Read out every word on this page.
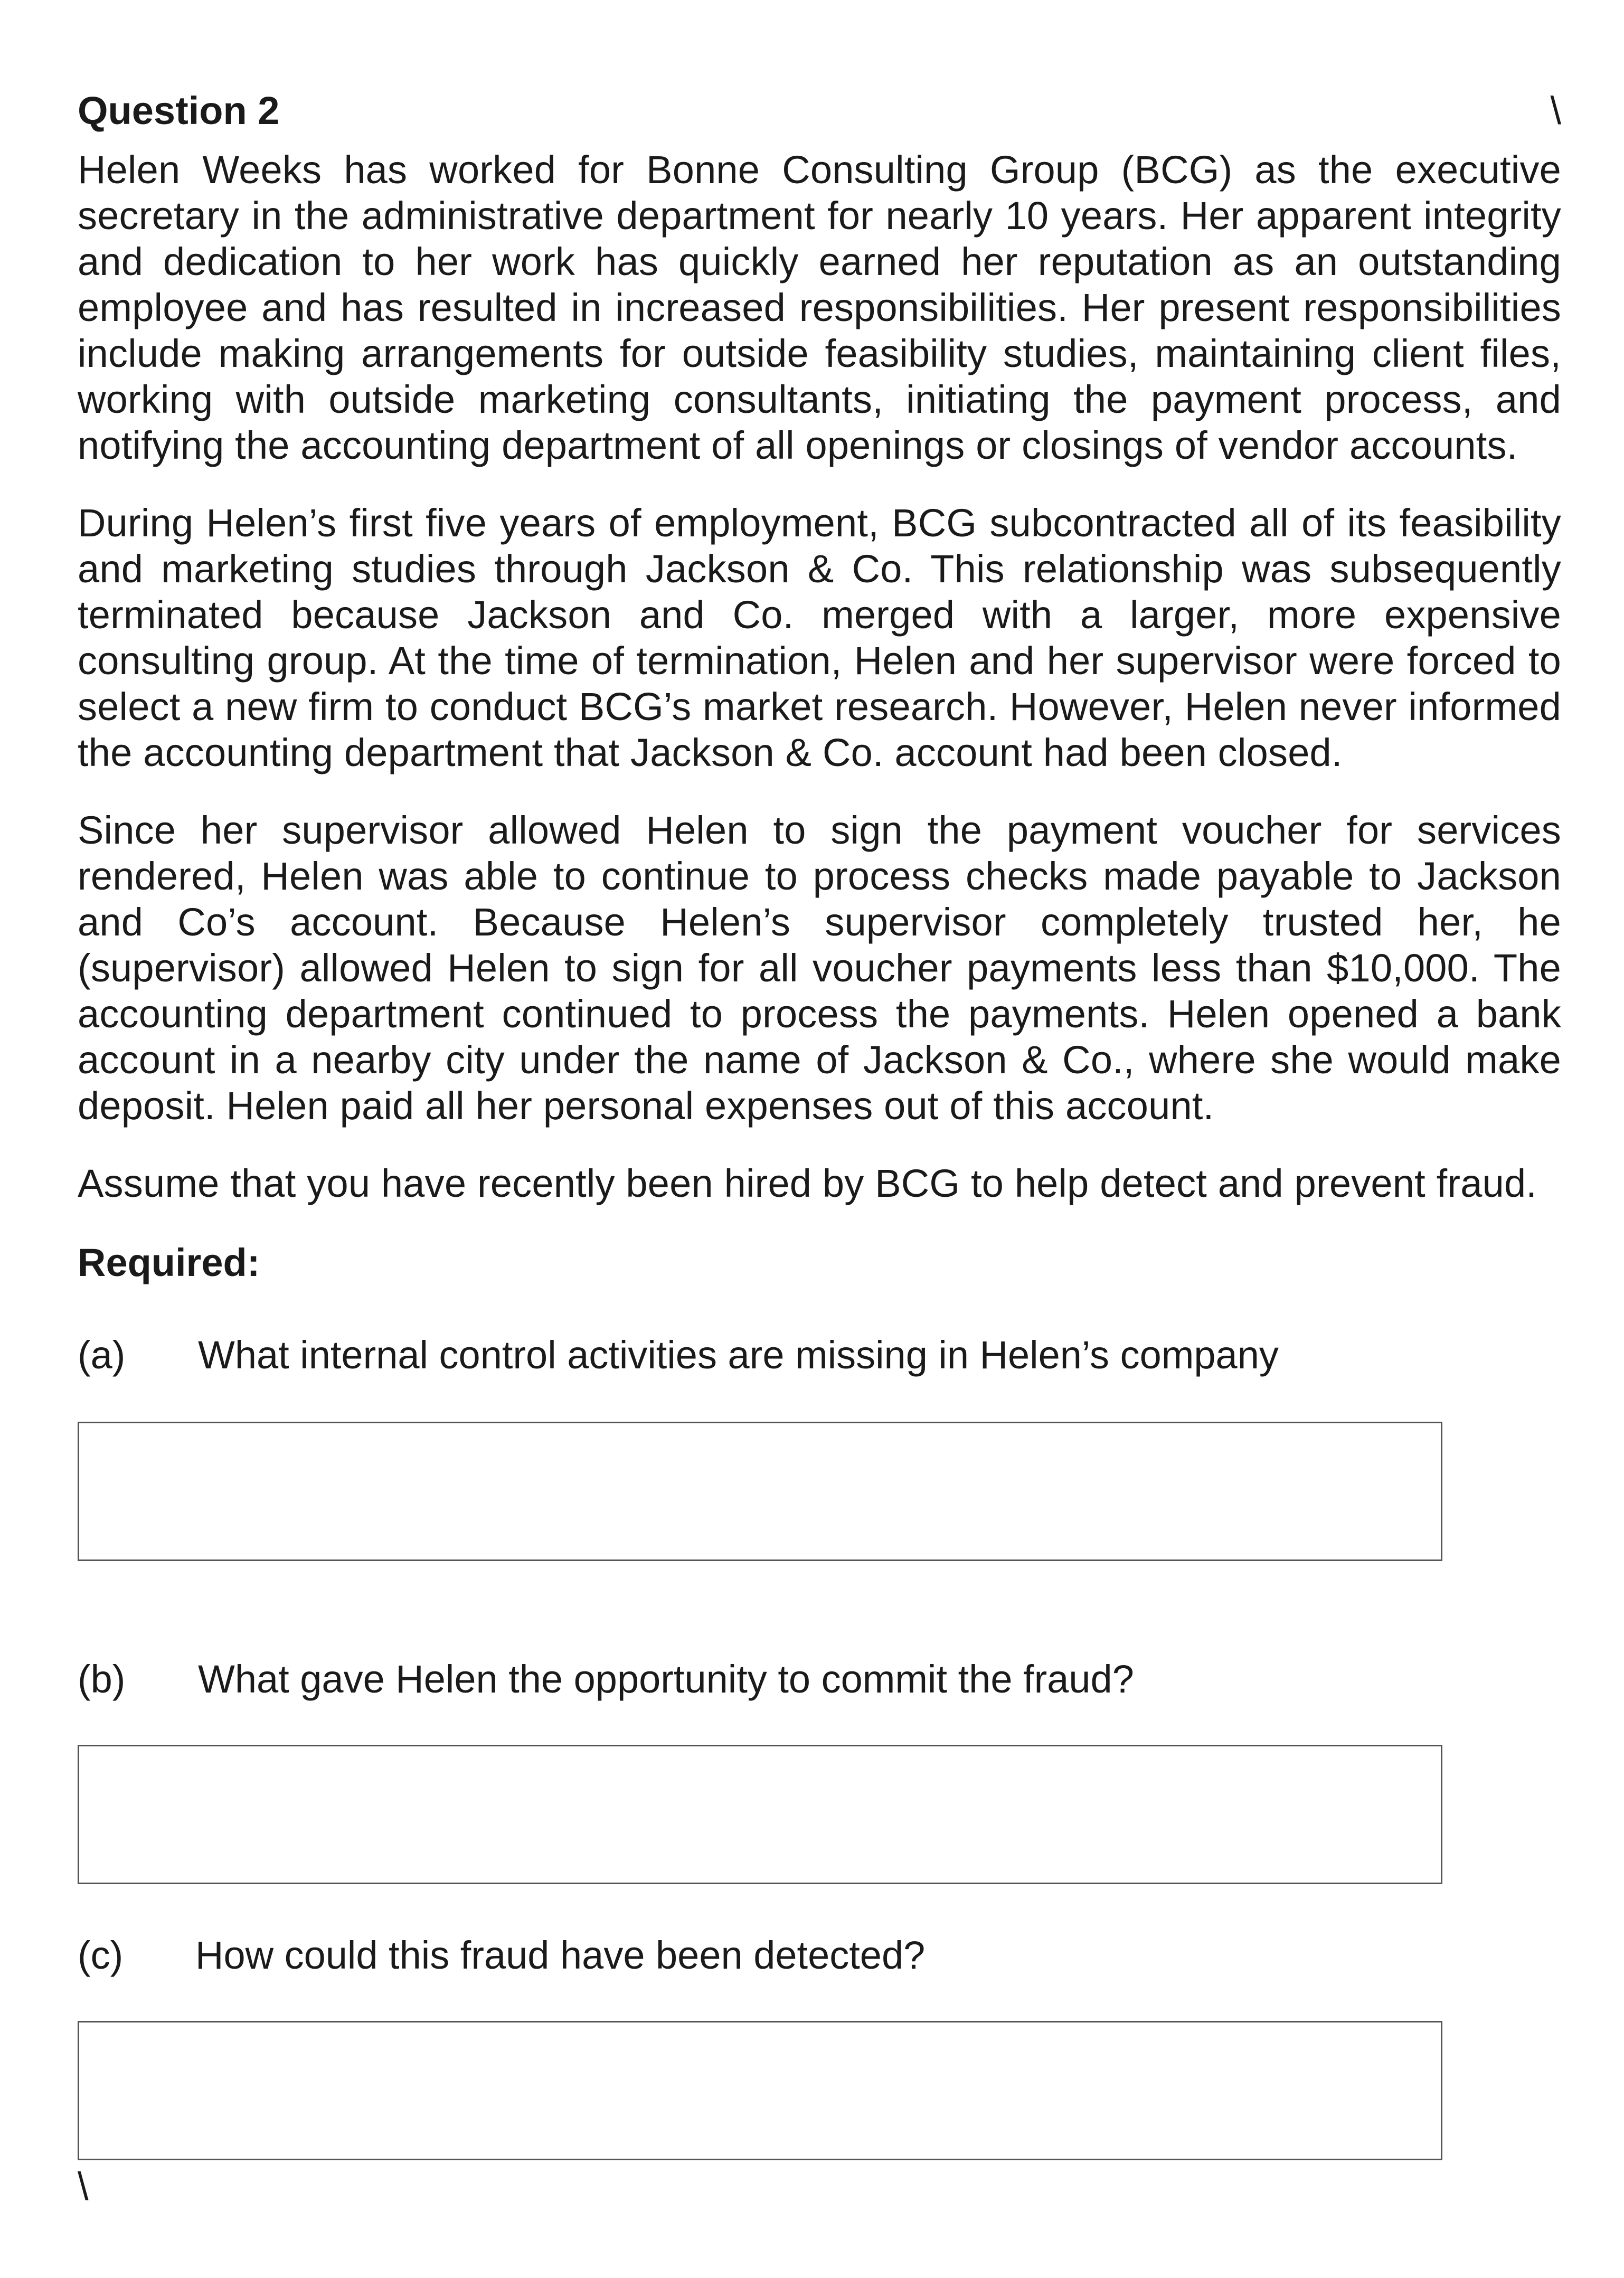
Question 2	\

Helen Weeks has worked for Bonne Consulting Group (BCG) as the executive secretary in the administrative department for nearly 10 years. Her apparent integrity and dedication to her work has quickly earned her reputation as an outstanding employee and has resulted in increased responsibilities. Her present responsibilities include making arrangements for outside feasibility studies, maintaining client files, working with outside marketing consultants, initiating the payment process, and notifying the accounting department of all openings or closings of vendor accounts.

During Helen’s first five years of employment, BCG subcontracted all of its feasibility and marketing studies through Jackson & Co. This relationship was subsequently terminated because Jackson and Co. merged with a larger, more expensive consulting group. At the time of termination, Helen and her supervisor were forced to select a new firm to conduct BCG’s market research. However, Helen never informed the accounting department that Jackson & Co. account had been closed.

Since her supervisor allowed Helen to sign the payment voucher for services rendered, Helen was able to continue to process checks made payable to Jackson and Co’s account. Because Helen’s supervisor completely trusted her, he (supervisor) allowed Helen to sign for all voucher payments less than $10,000. The accounting department continued to process the payments. Helen opened a bank account in a nearby city under the name of Jackson & Co., where she would make deposit. Helen paid all her personal expenses out of this account.

Assume that you have recently been hired by BCG to help detect and prevent fraud.

Required:
(a) What internal control activities are missing in Helen’s company
(b) What gave Helen the opportunity to commit the fraud?
(c) How could this fraud have been detected?
\
